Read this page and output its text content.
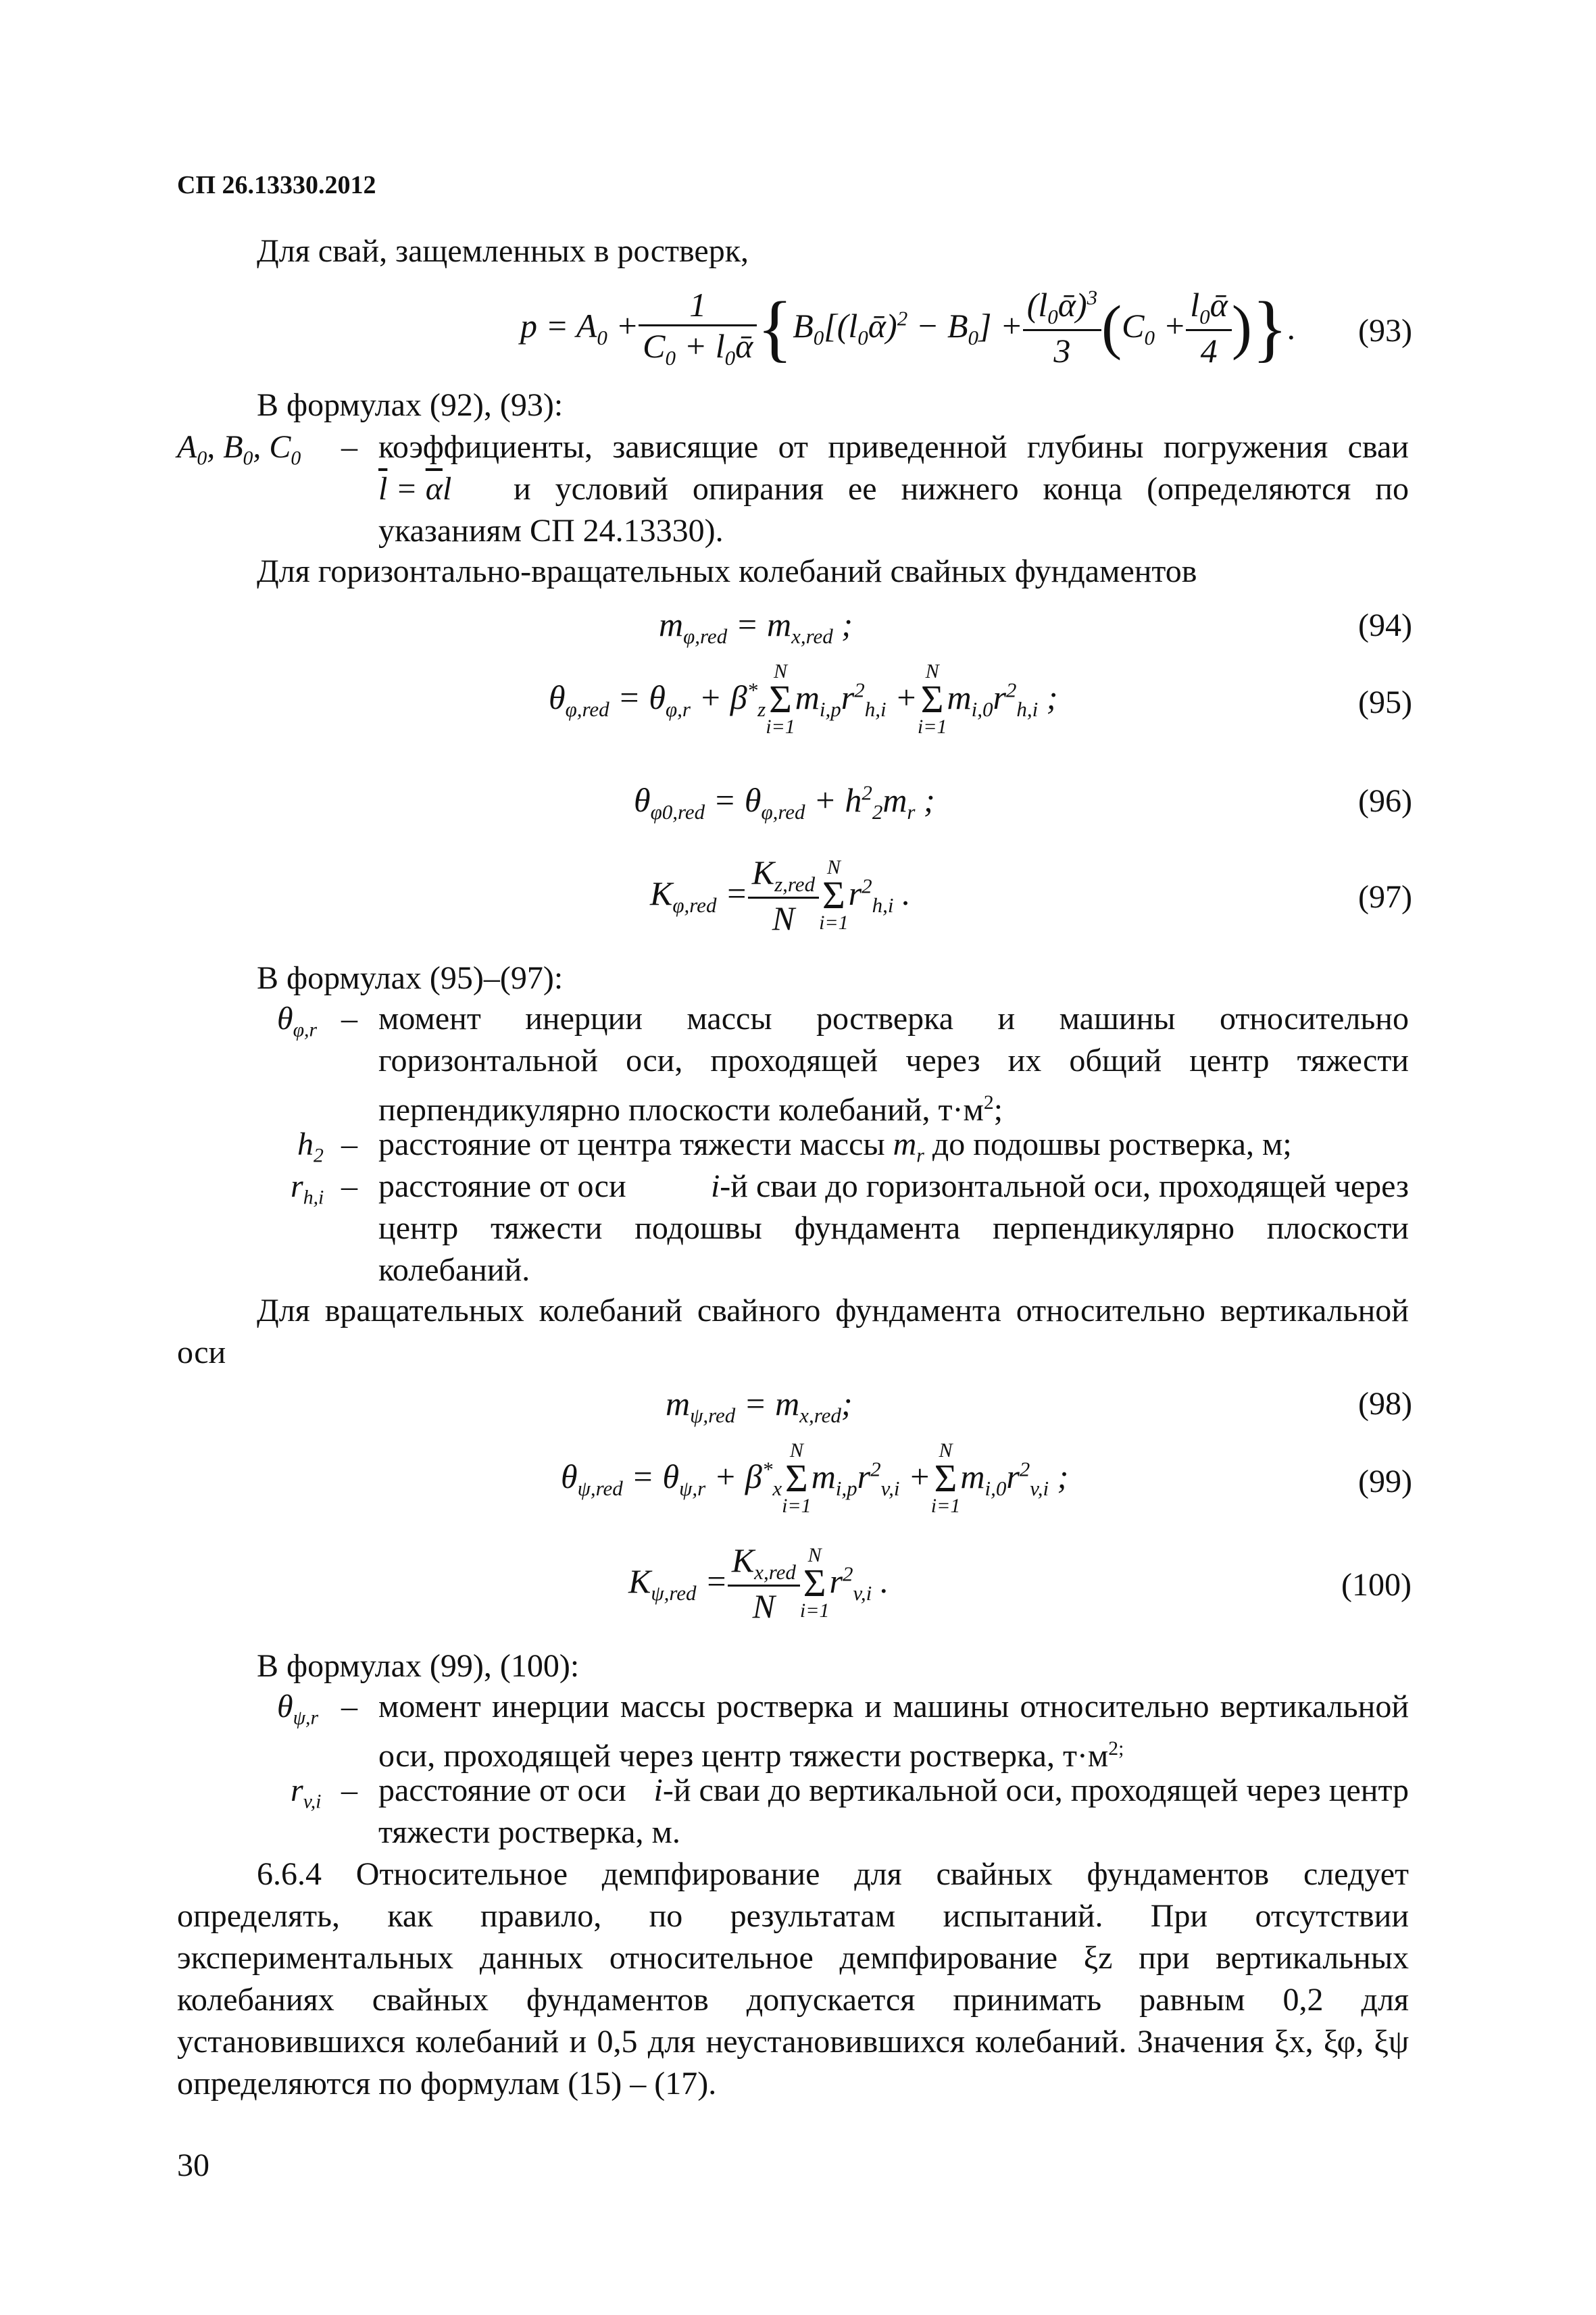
СП 26.13330.2012
Для свай, защемленных в ростверк,
$p = A_0 + \frac{1}{C_0 + l_0ᾱ}$ { $B_0[(l_0ᾱ)^2 - B_0] + \frac{(l_0ᾱ)^3}{3}$ ( $C_0 + \frac{l_0ᾱ}{4}$ ) } . (93)
В формулах (92), (93):
$A_0$, $B_0$, $C_0$ – коэффициенты, зависящие от приведенной глубины погружения сваи
$\overline{l} = \overline{\alpha}l$ и условий опирания ее нижнего конца (определяются по
указаниям СП 24.13330).
Для горизонтально-вращательных колебаний свайных фундаментов
$m_{\varphi,red} = m_{x,red}$ ;	(94)
$\theta_{\varphi,red} = \theta_{\varphi,r} + \beta^*_z$
N
Σ
i=1
$m_{i,p}r^2_{h,i}$ +
N
Σ
i=1
$m_{i,0}r^2_{h,i}$ ;	(95)
$\theta_{\varphi 0,red} = \theta_{\varphi,red} + h^2_2m_r$ ;	(96)
$K_{\varphi,red} = \frac{K_{z,red}}{N}$ N
Σ
i=1
$r^2_{h,i}$ .	(97)
В формулах (95)–(97):
$\theta_{\varphi,r}$ – момент инерции массы ростверка и машины относительно
горизонтальной оси, проходящей через их общий центр тяжести
перпендикулярно плоскости колебаний, $т\cdot м^2$;
$h_2$ – расстояние от центра тяжести массы $m_r$ до подошвы ростверка, м;
$r_{h,i}$ – расстояние от оси	i-й сваи до горизонтальной оси, проходящей через
центр тяжести подошвы фундамента перпендикулярно плоскости
колебаний.
Для вращательных колебаний свайного фундамента относительно вертикальной
оси
$m_{\psi,red} = m_{x,red}$;	(98)
$\theta_{\psi,red} = \theta_{\psi,r} + \beta^*_x$
N
Σ
i=1
$m_{i,p}r^2_{v,i}$ +
N
Σ
i=1
$m_{i,0}r^2_{v,i}$ ;	(99)
$K_{\psi,red} = \frac{K_{x,red}}{N}$ N
Σ
i=1
$r^2_{v,i}$ .	(100)
В формулах (99), (100):
$\theta_{\psi,r}$ – момент инерции массы ростверка и машины относительно вертикальной
оси, проходящей через центр тяжести ростверка, $т\cdot м^{2;}$
$r_{v,i}$ – расстояние от оси i-й сваи до вертикальной оси, проходящей через центр
тяжести ростверка, м.
6.6.4 Относительное демпфирование для свайных фундаментов следует
определять, как правило, по результатам испытаний. При отсутствии
экспериментальных данных относительное демпфирование ξz при вертикальных
колебаниях свайных фундаментов допускается принимать равным 0,2 для
установившихся колебаний и 0,5 для неустановившихся колебаний. Значения ξx, ξφ, ξψ
определяются по формулам (15) – (17).
30
